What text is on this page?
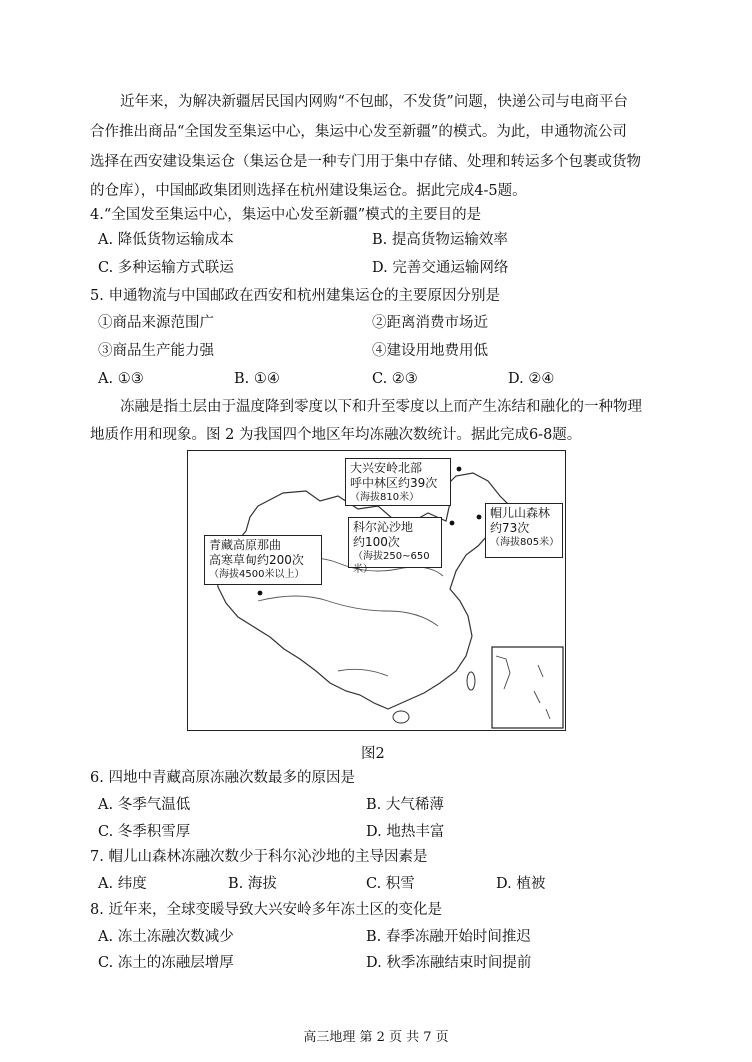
近年来，为解决新疆居民国内网购“不包邮，不发货”问题，快递公司与电商平台
合作推出商品“全国发至集运中心，集运中心发至新疆”的模式。为此，申通物流公司
选择在西安建设集运仓（集运仓是一种专门用于集中存储、处理和转运多个包裹或货物
的仓库），中国邮政集团则选择在杭州建设集运仓。据此完成4-5题。
4.“全国发至集运中心，集运中心发至新疆”模式的主要目的是
A. 降低货物运输成本	B. 提高货物运输效率
C. 多种运输方式联运	D. 完善交通运输网络
5. 申通物流与中国邮政在西安和杭州建集运仓的主要原因分别是
①商品来源范围广	②距离消费市场近
③商品生产能力强	④建设用地费用低
A. ①③	B. ①④	C. ②③	D. ②④
冻融是指土层由于温度降到零度以下和升至零度以上而产生冻结和融化的一种物理
地质作用和现象。图 2 为我国四个地区年均冻融次数统计。据此完成6-8题。
大兴安岭北部
呼中林区约39次
（海拔810米）
科尔沁沙地
约100次
（海拔250~650米）
帽儿山森林
约73次
（海拔805米）
青藏高原那曲
高寒草甸约200次
（海拔4500米以上）
图2
6. 四地中青藏高原冻融次数最多的原因是
A. 冬季气温低	B. 大气稀薄
C. 冬季积雪厚	D. 地热丰富
7. 帽儿山森林冻融次数少于科尔沁沙地的主导因素是
A. 纬度	B. 海拔	C. 积雪	D. 植被
8. 近年来，全球变暖导致大兴安岭多年冻土区的变化是
A. 冻土冻融次数减少	B. 春季冻融开始时间推迟
C. 冻土的冻融层增厚	D. 秋季冻融结束时间提前
高三地理 第 2 页 共 7 页
